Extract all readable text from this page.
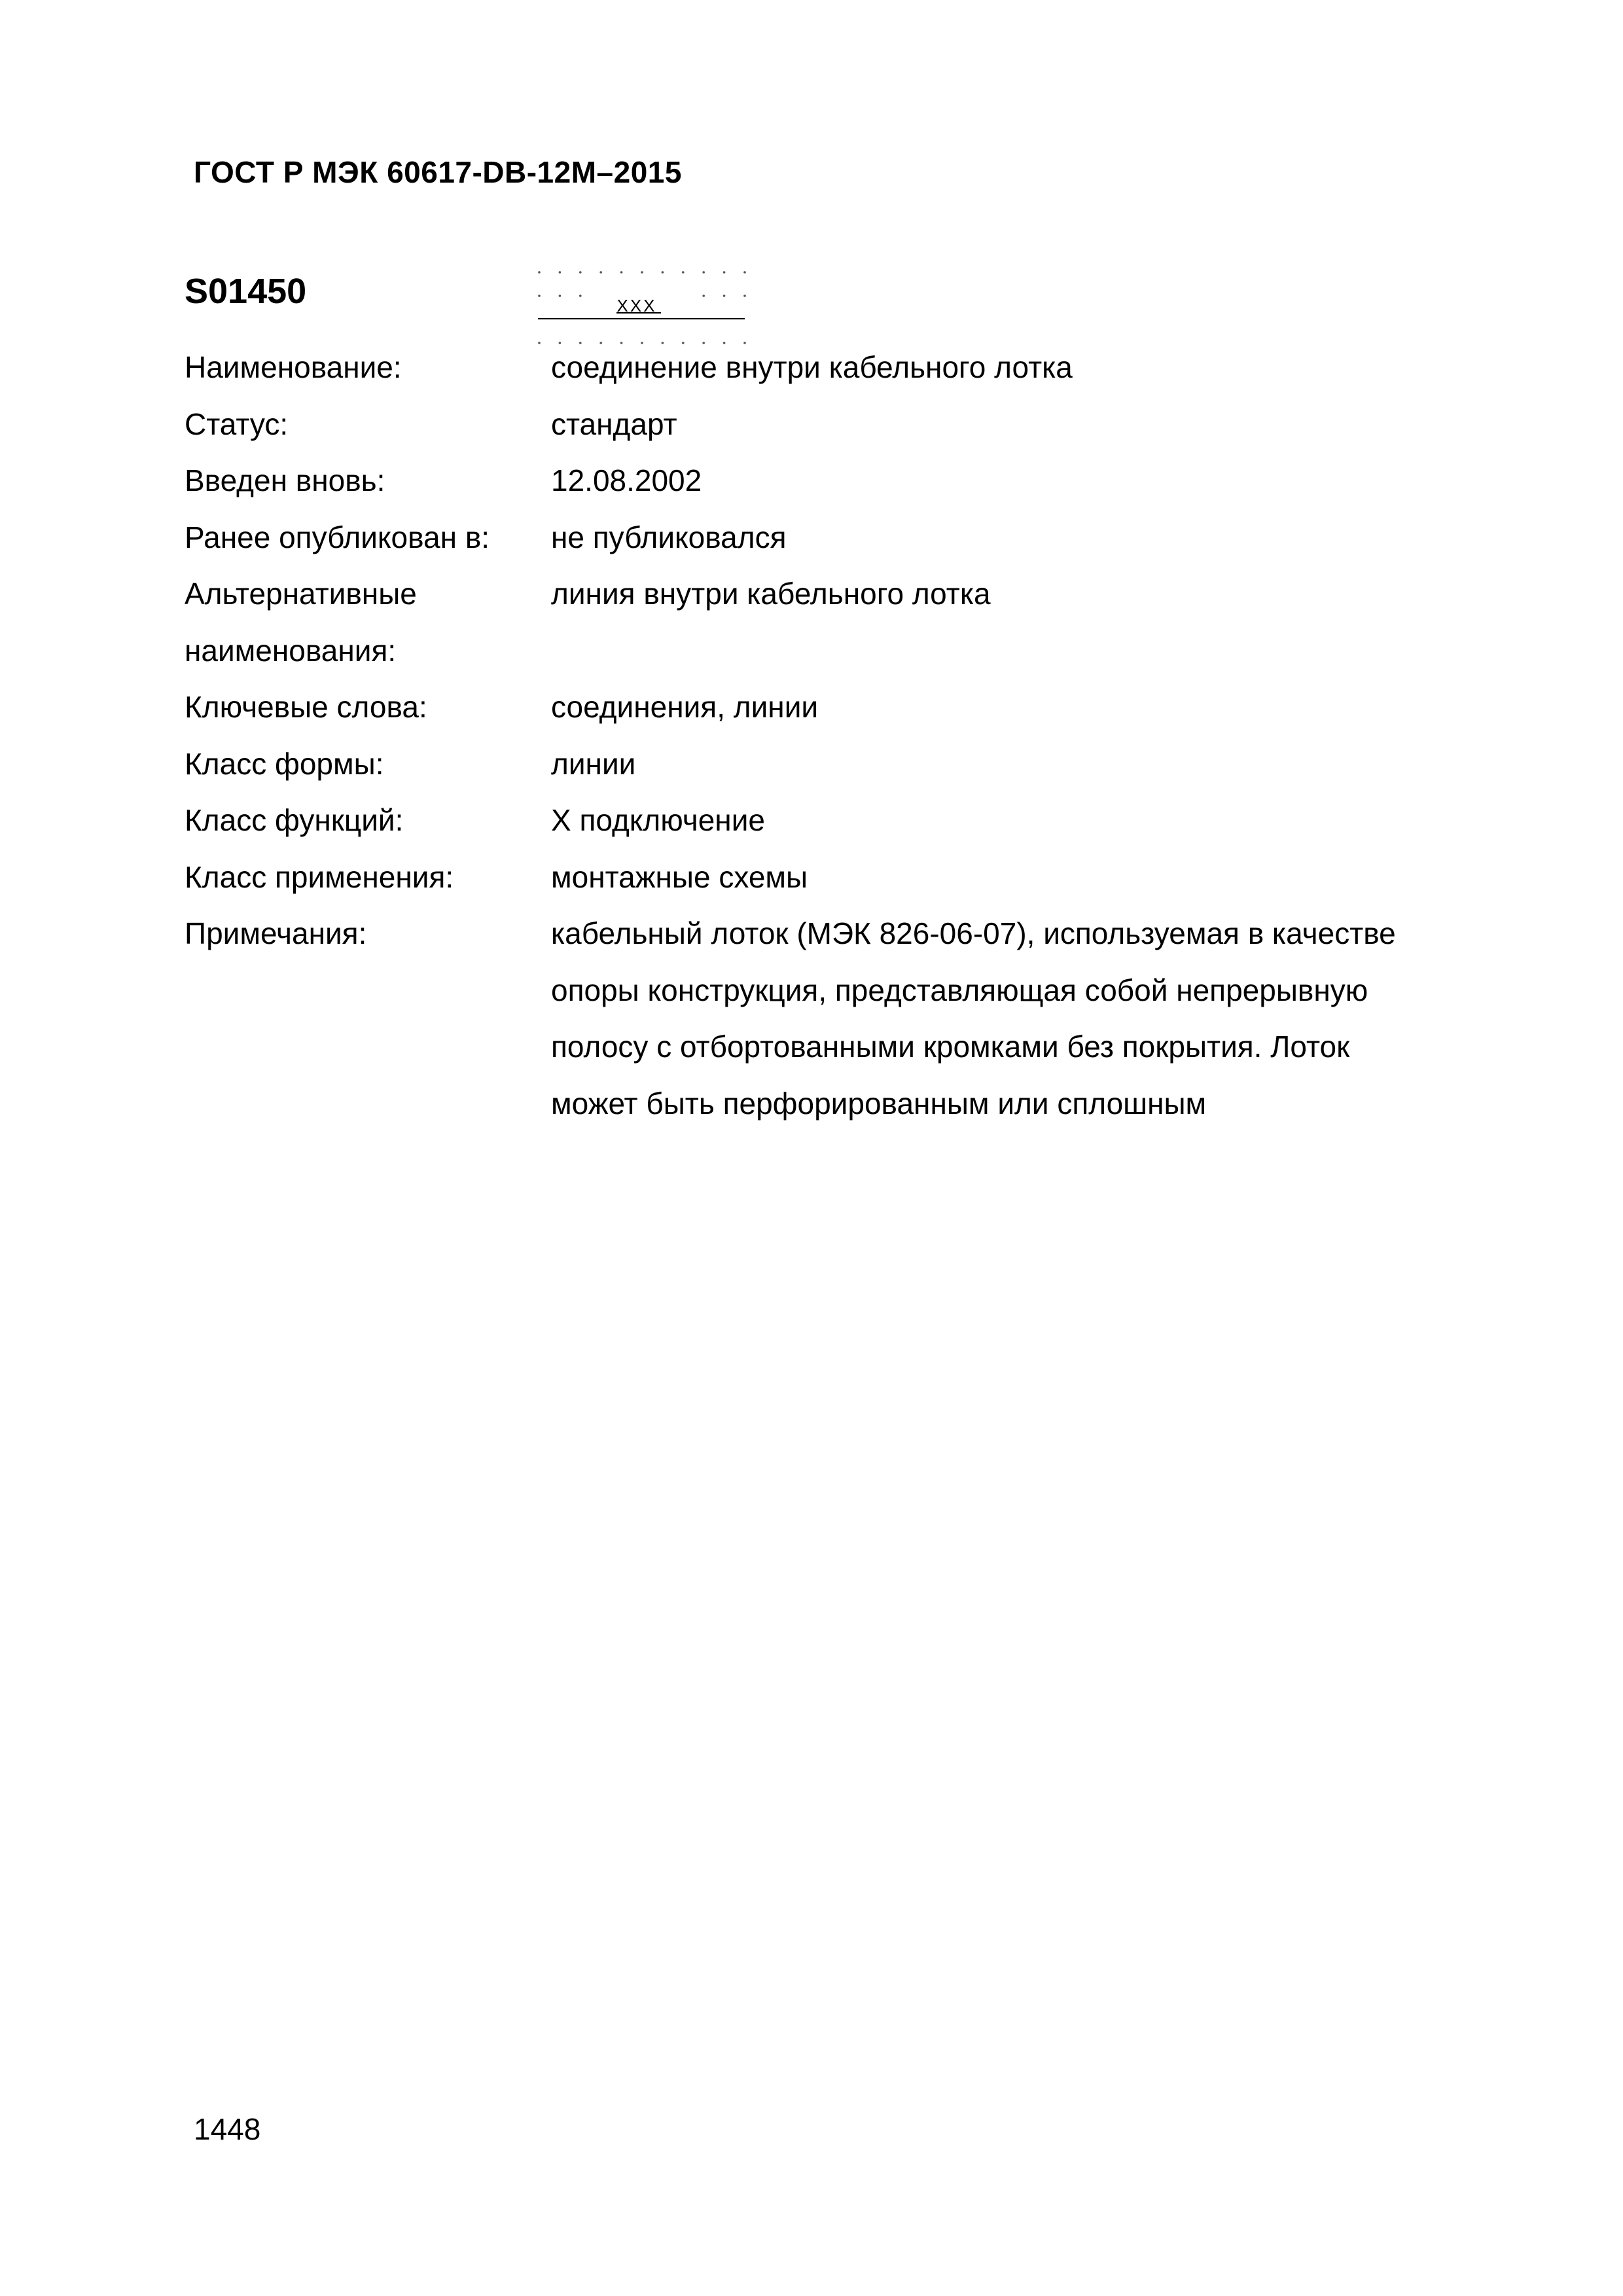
ГОСТ Р МЭК 60617-DB-12M–2015
S01450	XXX
Наименование:	соединение внутри кабельного лотка
Статус:	стандарт
Введен вновь:	12.08.2002
Ранее опубликован в:	не публиковался
Альтернативные наименования:
линия внутри кабельного лотка
Ключевые слова:	соединения, линии
Класс формы:	линии
Класс функций:	X подключение
Класс применения:	монтажные схемы
Примечания:	кабельный лоток (МЭК 826-06-07), используемая в качестве опоры конструкция, представляющая собой непрерывную полосу с отбортованными кромками без покрытия. Лоток может быть перфорированным или сплошным
1448
